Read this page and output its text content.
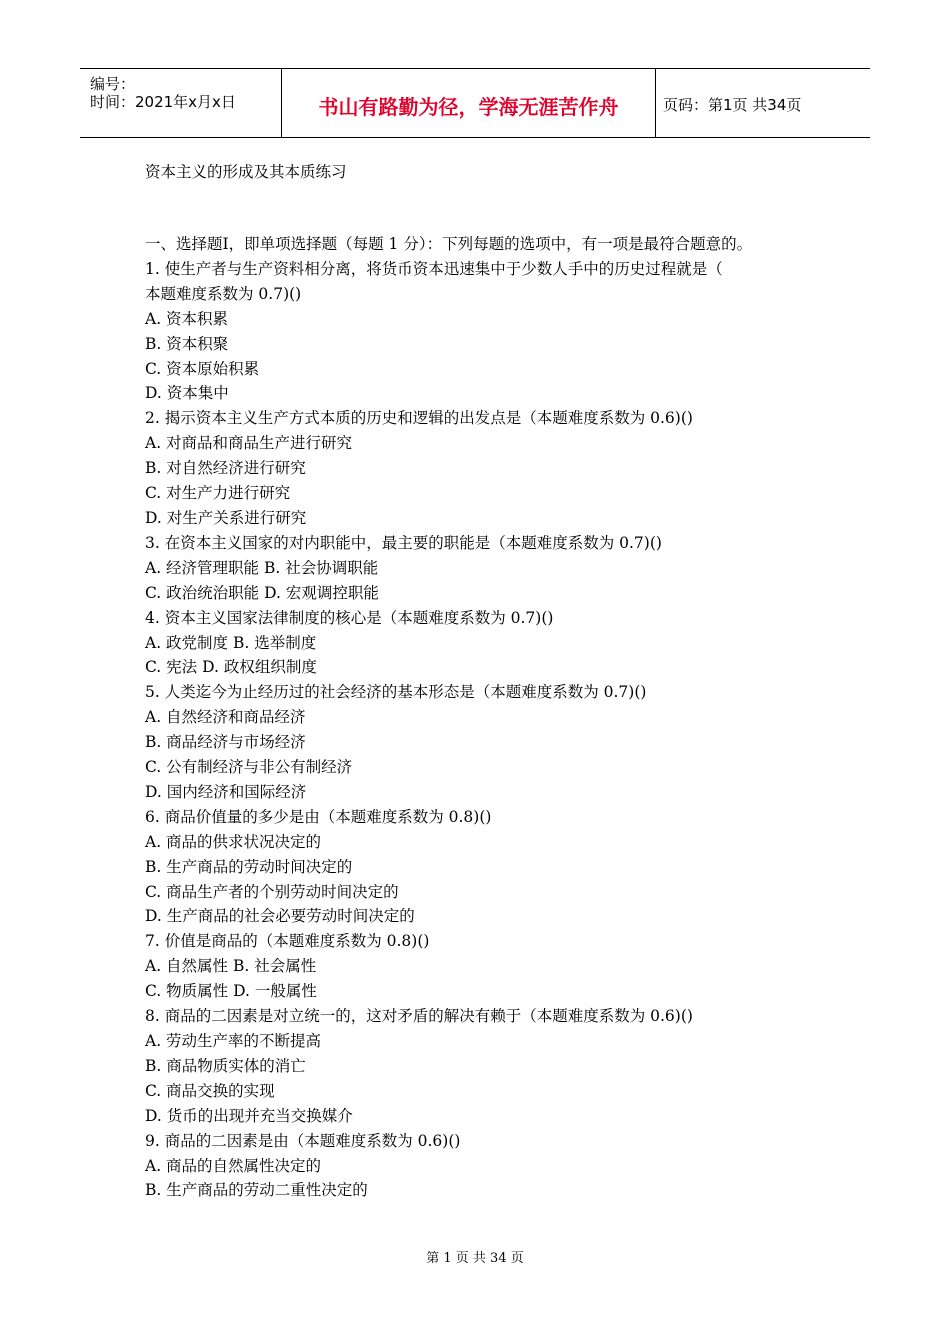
编号：
时间：2021年x月x日	书山有路勤为径，学海无涯苦作舟	页码：第1页 共34页
资本主义的形成及其本质练习
一、选择题Ⅰ，即单项选择题（每题 1 分）：下列每题的选项中，有一项是最符合题意的。
1. 使生产者与生产资料相分离，将货币资本迅速集中于少数人手中的历史过程就是（
本题难度系数为 0.7)()
A. 资本积累
B. 资本积聚
C. 资本原始积累
D. 资本集中
2. 揭示资本主义生产方式本质的历史和逻辑的出发点是（本题难度系数为 0.6)()
A. 对商品和商品生产进行研究
B. 对自然经济进行研究
C. 对生产力进行研究
D. 对生产关系进行研究
3. 在资本主义国家的对内职能中，最主要的职能是（本题难度系数为 0.7)()
A. 经济管理职能 B. 社会协调职能
C. 政治统治职能 D. 宏观调控职能
4. 资本主义国家法律制度的核心是（本题难度系数为 0.7)()
A. 政党制度 B. 选举制度
C. 宪法 D. 政权组织制度
5. 人类迄今为止经历过的社会经济的基本形态是（本题难度系数为 0.7)()
A. 自然经济和商品经济
B. 商品经济与市场经济
C. 公有制经济与非公有制经济
D. 国内经济和国际经济
6. 商品价值量的多少是由（本题难度系数为 0.8)()
A. 商品的供求状况决定的
B. 生产商品的劳动时间决定的
C. 商品生产者的个别劳动时间决定的
D. 生产商品的社会必要劳动时间决定的
7. 价值是商品的（本题难度系数为 0.8)()
A. 自然属性 B. 社会属性
C. 物质属性 D. 一般属性
8. 商品的二因素是对立统一的，这对矛盾的解决有赖于（本题难度系数为 0.6)()
A. 劳动生产率的不断提高
B. 商品物质实体的消亡
C. 商品交换的实现
D. 货币的出现并充当交换媒介
9. 商品的二因素是由（本题难度系数为 0.6)()
A. 商品的自然属性决定的
B. 生产商品的劳动二重性决定的
第 1 页 共 34 页
